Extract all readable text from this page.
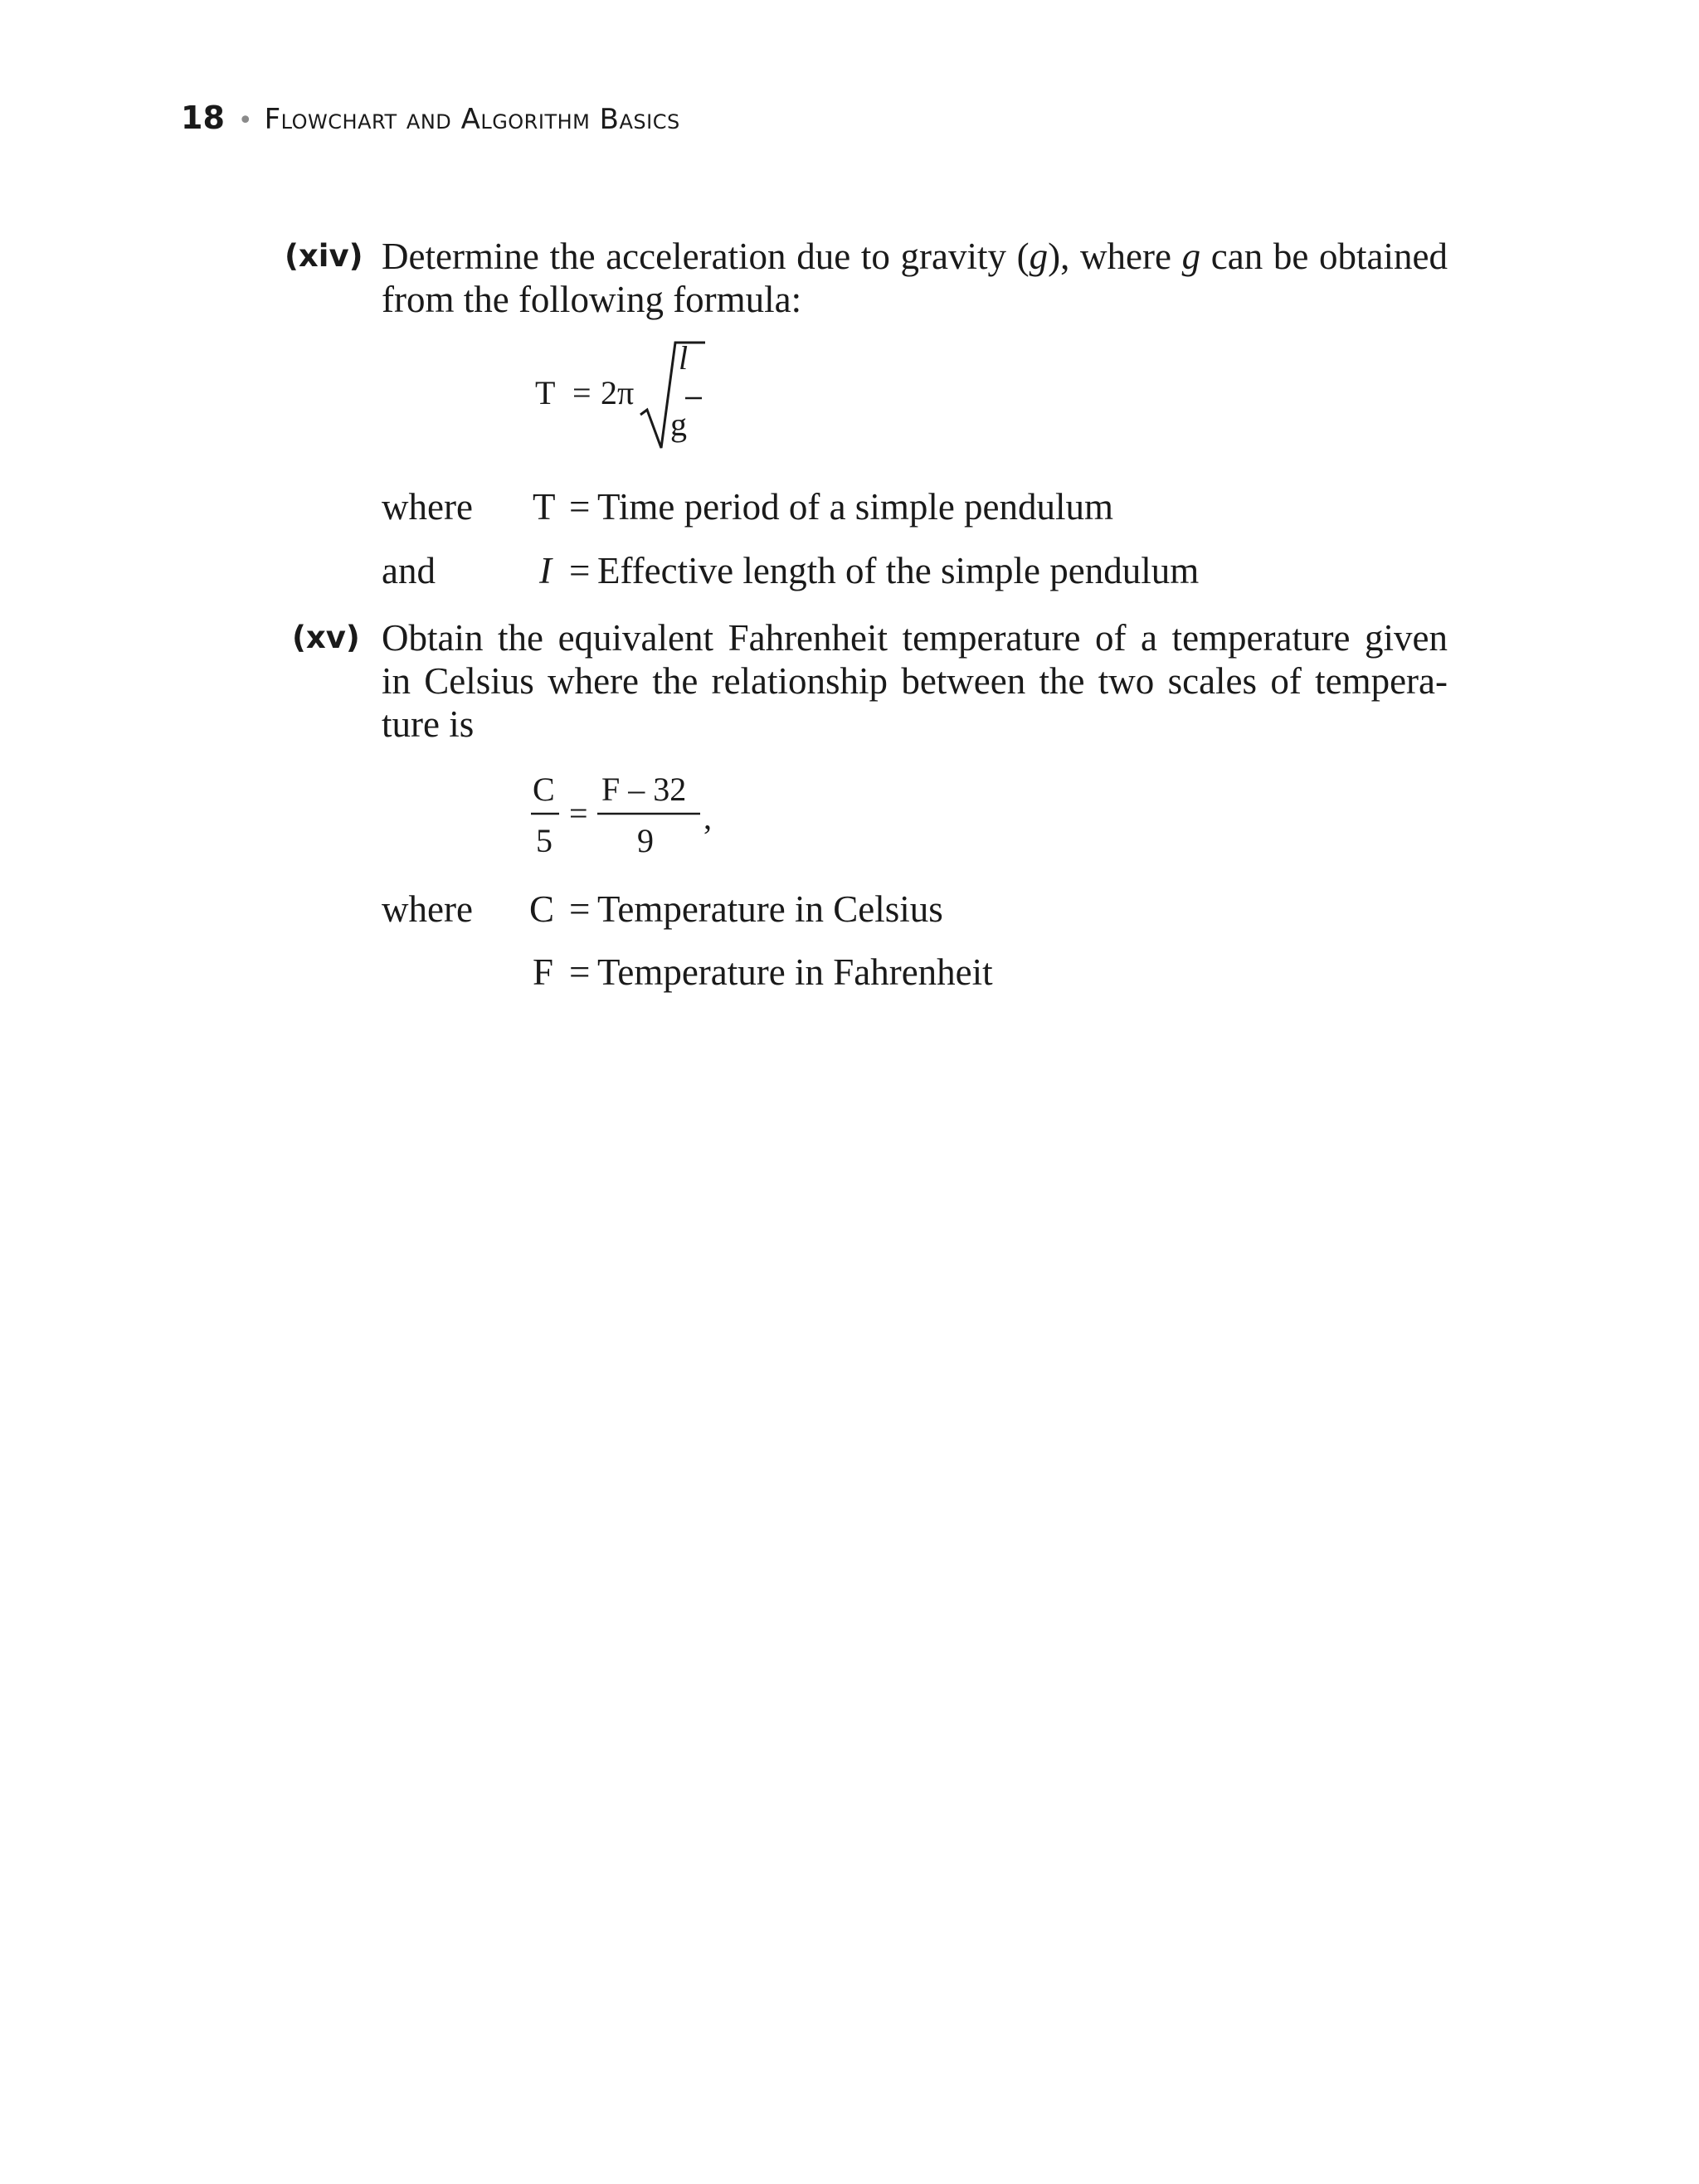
18 • Flowchart and Algorithm Basics
(xiv) Determine the acceleration due to gravity (g), where g can be obtained
from the following formula:
T = 2π
l
g
where T = Time period of a simple pendulum
and	I = Effective length of the simple pendulum
(xv) Obtain the equivalent Fahrenheit temperature of a temperature given
in Celsius where the relationship between the two scales of tempera-
ture is
C
5
=
F – 32
9
,
where C = Temperature in Celsius
F = Temperature in Fahrenheit
